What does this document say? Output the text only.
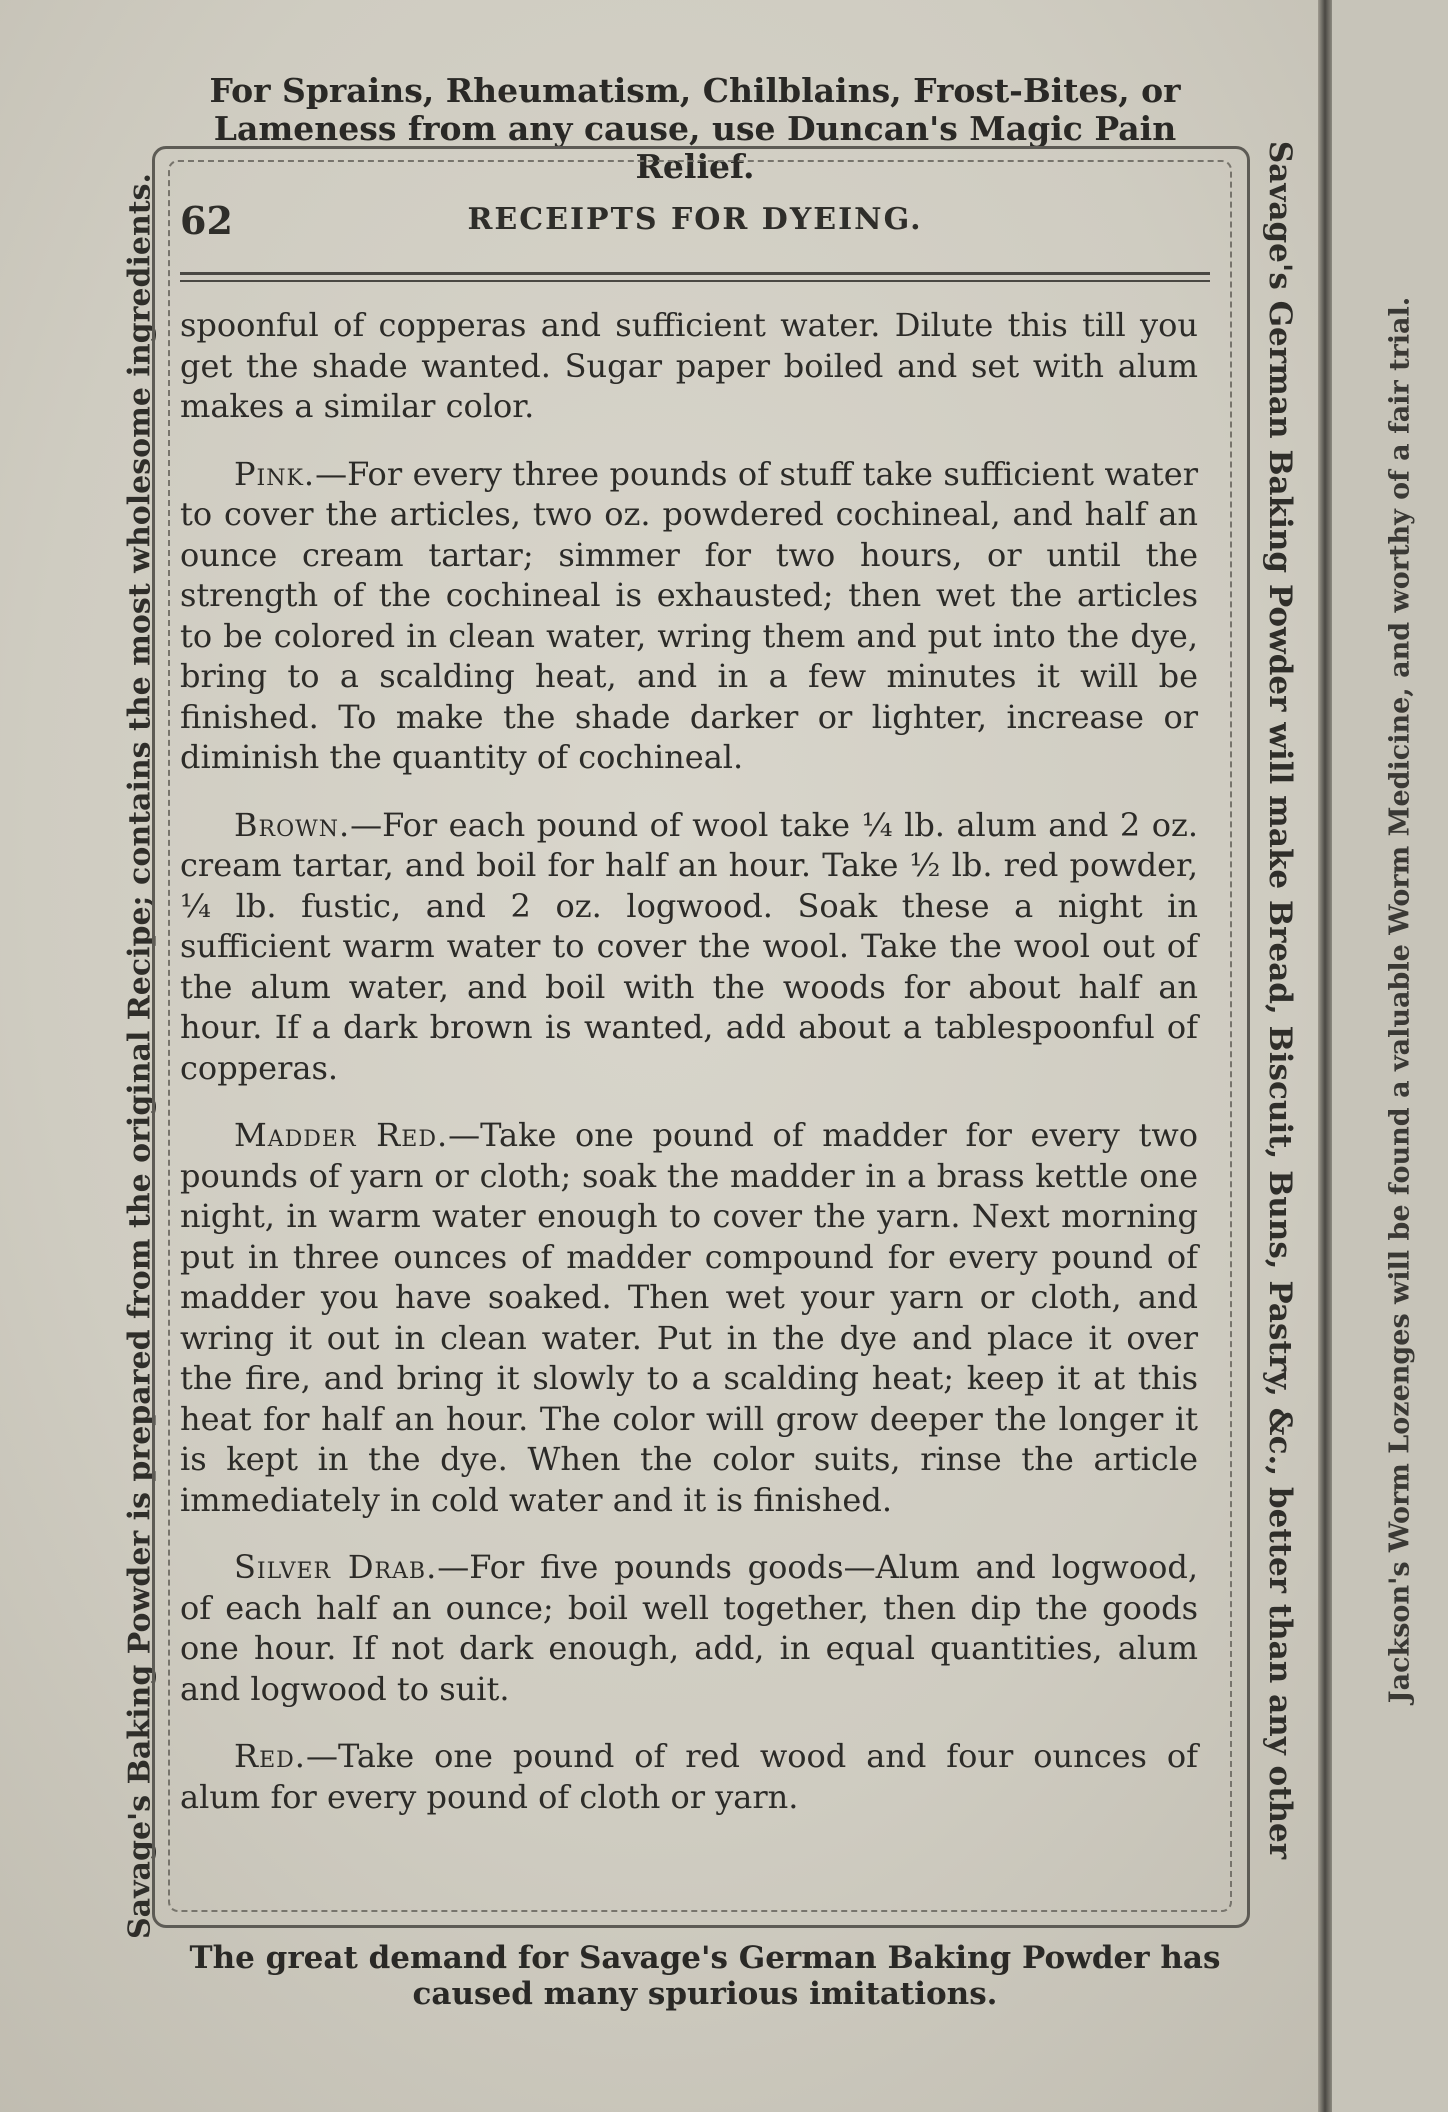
For Sprains, Rheumatism, Chilblains, Frost-Bites, or Lameness from any cause, use Duncan's Magic Pain Relief.
Savage's Baking Powder is prepared from the original Recipe; contains the most wholesome ingredients.	Savage's German Baking Powder will make Bread, Biscuit, Buns, Pastry, &c., better than any other	Jackson's Worm Lozenges will be found a valuable Worm Medicine, and worthy of a fair trial.
The great demand for Savage's German Baking Powder has caused many spurious imitations.
62	RECEIPTS FOR DYEING.

spoonful of copperas and sufficient water. Dilute this till you get the shade wanted. Sugar paper boiled and set with alum makes a similar color.

Pink.—For every three pounds of stuff take sufficient water to cover the articles, two oz. powdered cochineal, and half an ounce cream tartar; simmer for two hours, or until the strength of the cochineal is exhausted; then wet the articles to be colored in clean water, wring them and put into the dye, bring to a scalding heat, and in a few minutes it will be finished. To make the shade darker or lighter, increase or diminish the quantity of cochineal.

Brown.—For each pound of wool take ¼ lb. alum and 2 oz. cream tartar, and boil for half an hour. Take ½ lb. red powder, ¼ lb. fustic, and 2 oz. logwood. Soak these a night in sufficient warm water to cover the wool. Take the wool out of the alum water, and boil with the woods for about half an hour. If a dark brown is wanted, add about a tablespoonful of copperas.

Madder Red.—Take one pound of madder for every two pounds of yarn or cloth; soak the madder in a brass kettle one night, in warm water enough to cover the yarn. Next morning put in three ounces of madder compound for every pound of madder you have soaked. Then wet your yarn or cloth, and wring it out in clean water. Put in the dye and place it over the fire, and bring it slowly to a scalding heat; keep it at this heat for half an hour. The color will grow deeper the longer it is kept in the dye. When the color suits, rinse the article immediately in cold water and it is finished.

Silver Drab.—For five pounds goods—Alum and logwood, of each half an ounce; boil well together, then dip the goods one hour. If not dark enough, add, in equal quantities, alum and logwood to suit.

Red.—Take one pound of red wood and four ounces of alum for every pound of cloth or yarn.
